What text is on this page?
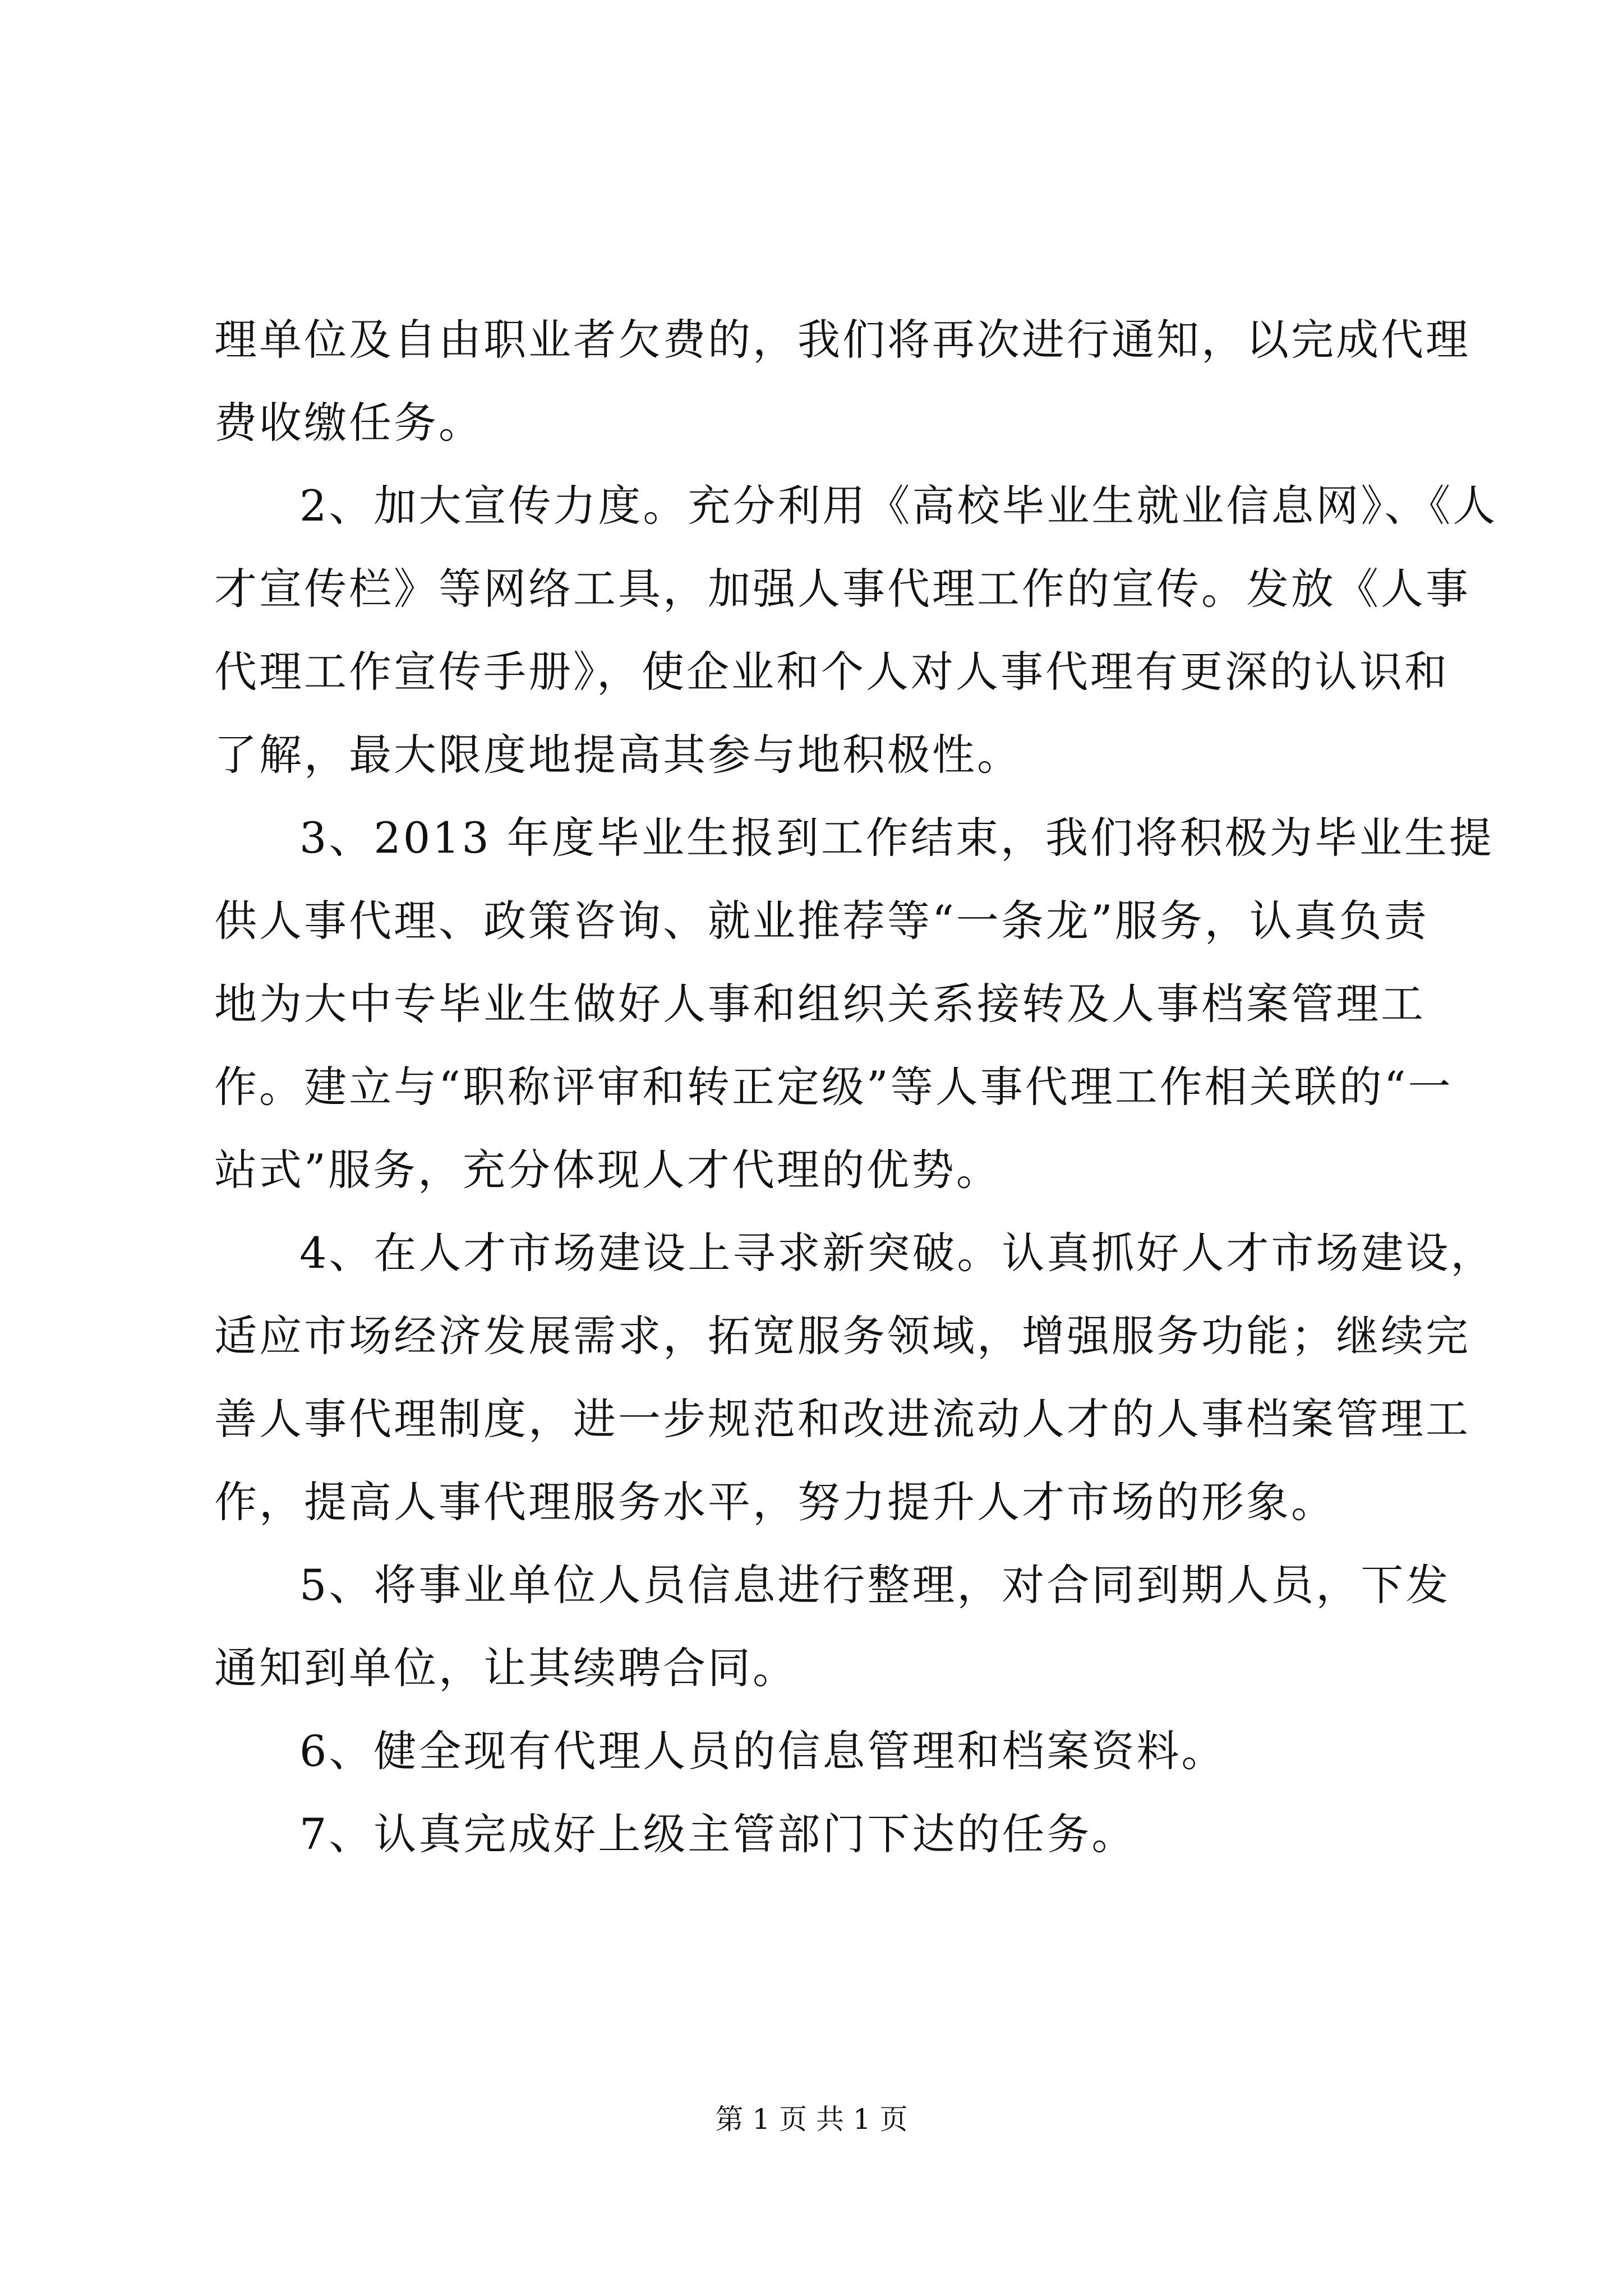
理单位及自由职业者欠费的，我们将再次进行通知，以完成代理
费收缴任务。
2、加大宣传力度。充分利用《高校毕业生就业信息网》、《人
才宣传栏》等网络工具，加强人事代理工作的宣传。发放《人事
代理工作宣传手册》，使企业和个人对人事代理有更深的认识和
了解，最大限度地提高其参与地积极性。
3、2013 年度毕业生报到工作结束，我们将积极为毕业生提
供人事代理、政策咨询、就业推荐等“一条龙”服务，认真负责
地为大中专毕业生做好人事和组织关系接转及人事档案管理工
作。建立与“职称评审和转正定级”等人事代理工作相关联的“一
站式”服务，充分体现人才代理的优势。
4、在人才市场建设上寻求新突破。认真抓好人才市场建设，
适应市场经济发展需求，拓宽服务领域，增强服务功能；继续完
善人事代理制度，进一步规范和改进流动人才的人事档案管理工
作，提高人事代理服务水平，努力提升人才市场的形象。
5、将事业单位人员信息进行整理，对合同到期人员，下发
通知到单位，让其续聘合同。
6、健全现有代理人员的信息管理和档案资料。
7、认真完成好上级主管部门下达的任务。
第 1 页 共 1 页
